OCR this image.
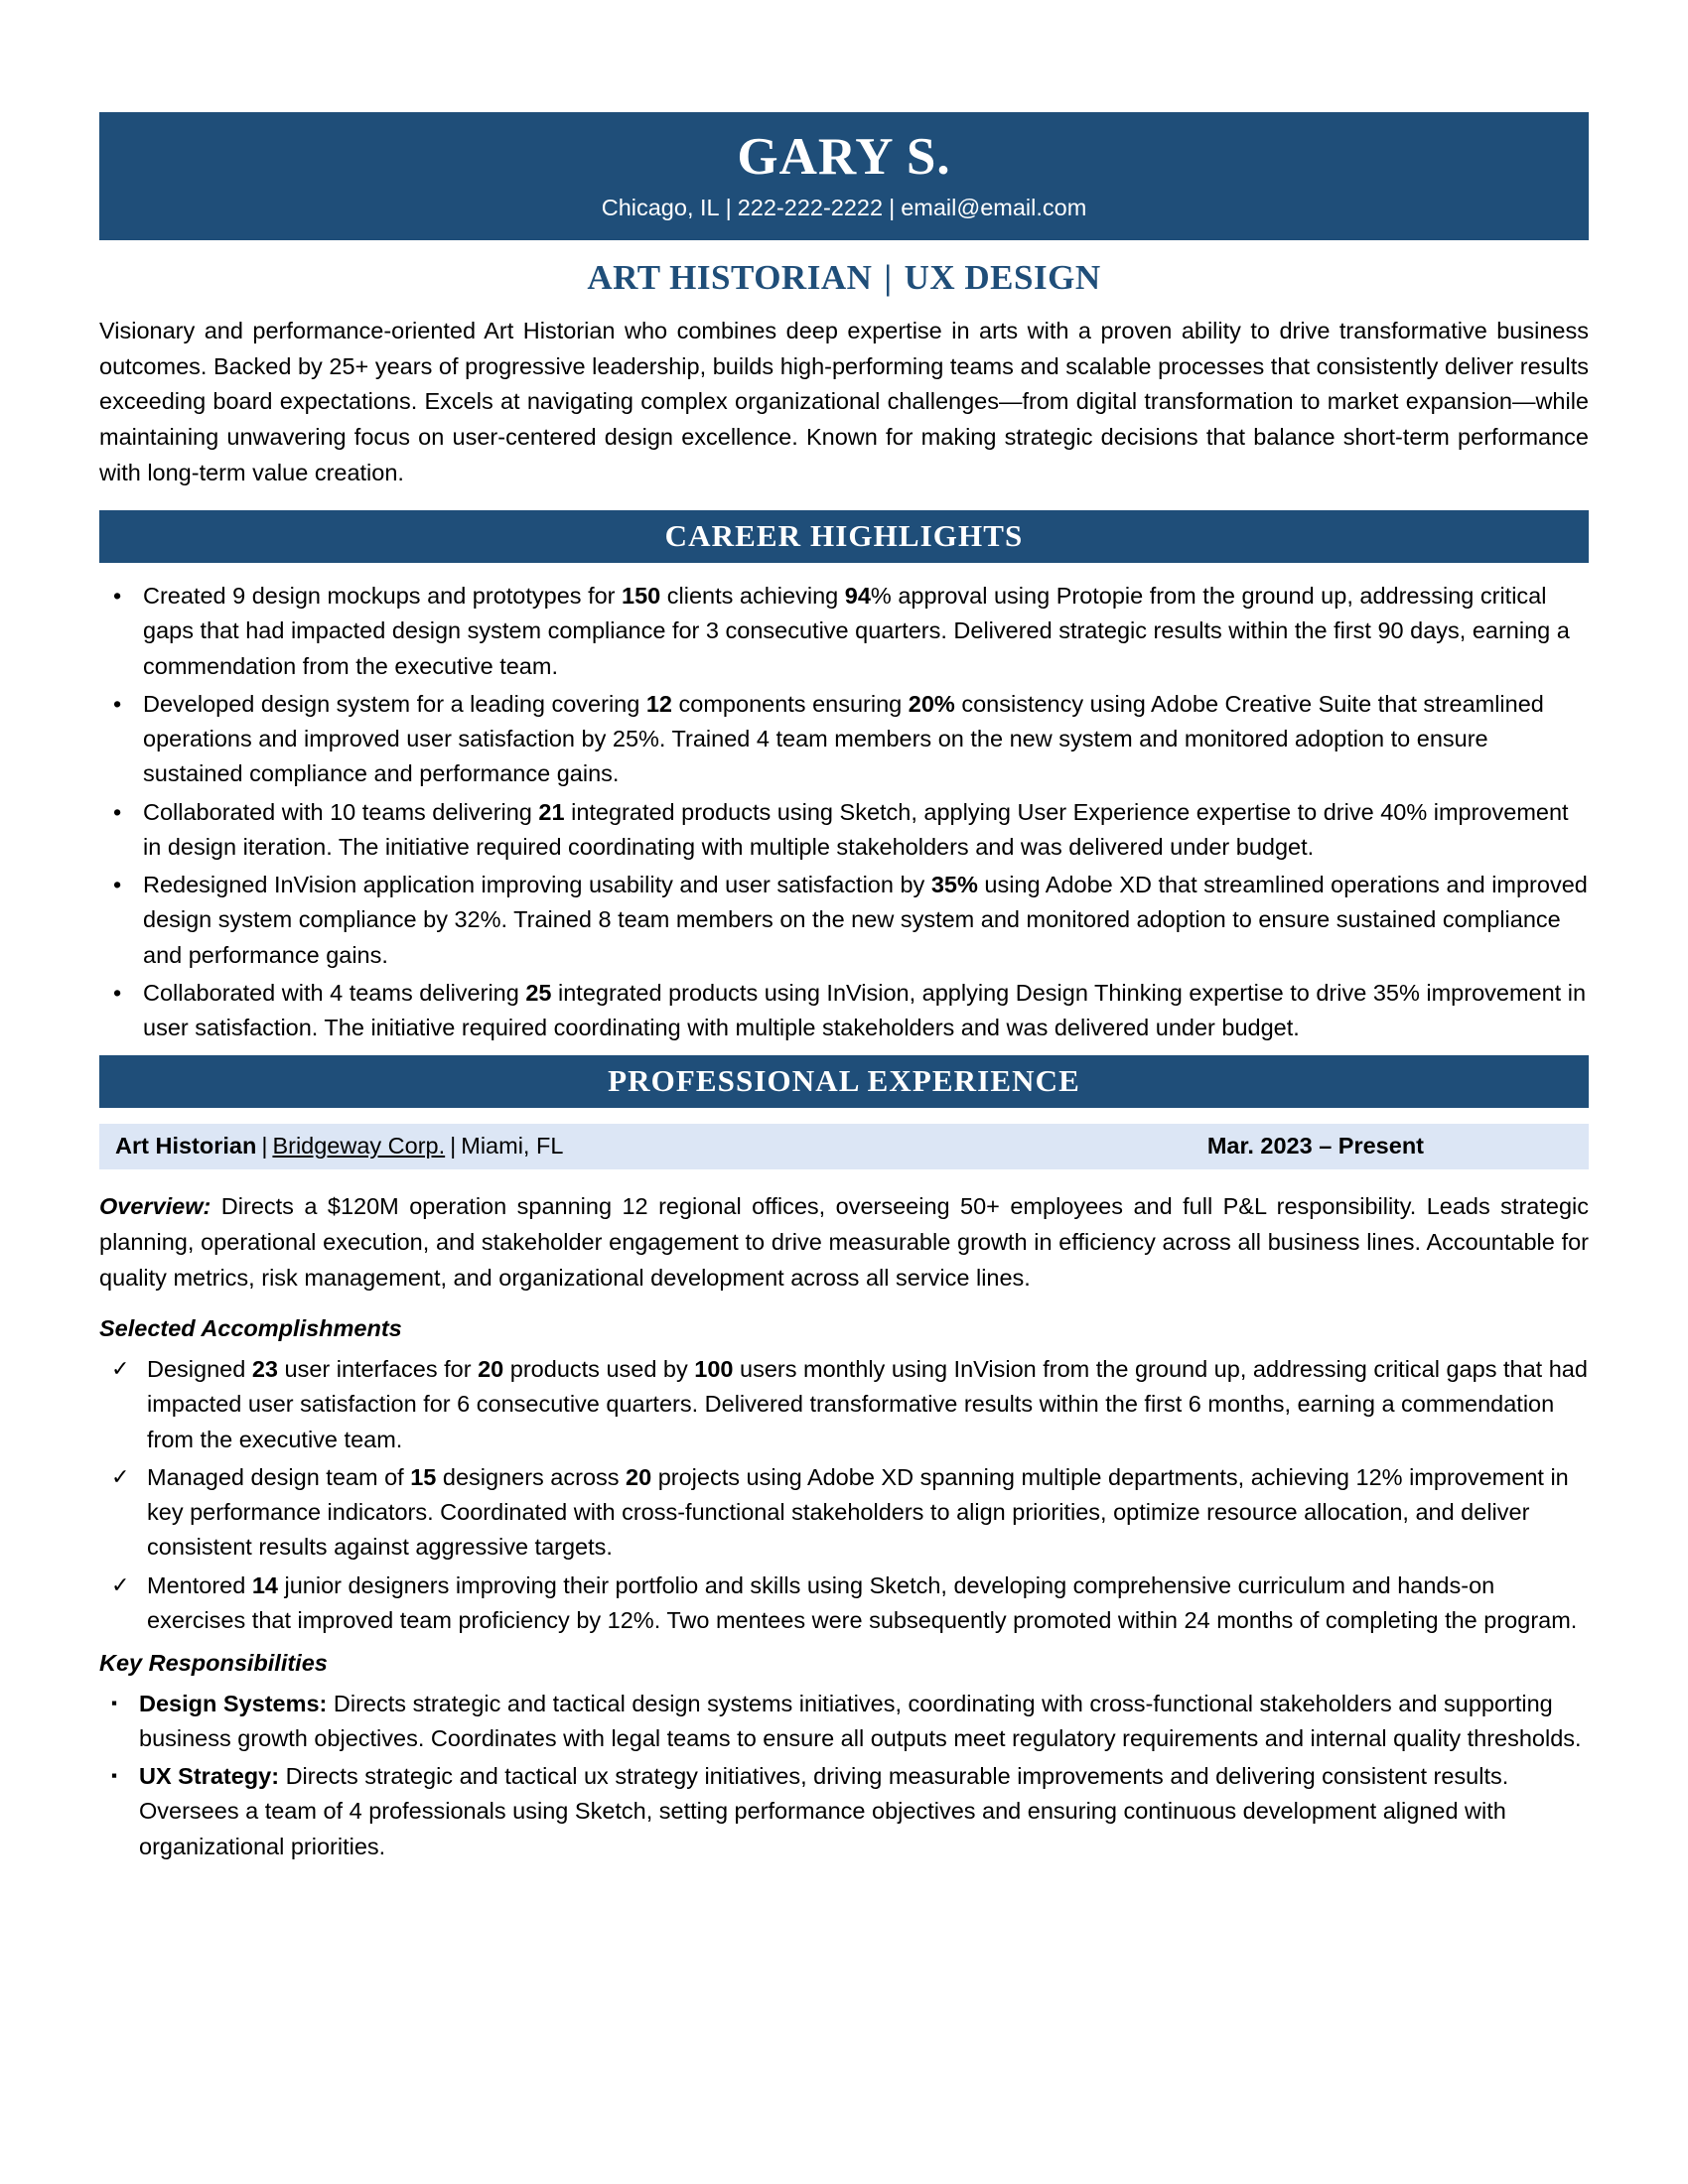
GARY S.
Chicago, IL | 222-222-2222 | email@email.com
ART HISTORIAN | UX DESIGN

Visionary and performance-oriented Art Historian who combines deep expertise in arts with a proven ability to drive transformative business outcomes. Backed by 25+ years of progressive leadership, builds high-performing teams and scalable processes that consistently deliver results exceeding board expectations. Excels at navigating complex organizational challenges—from digital transformation to market expansion—while maintaining unwavering focus on user-centered design excellence. Known for making strategic decisions that balance short-term performance with long-term value creation.

CAREER HIGHLIGHTS
• Created 9 design mockups and prototypes for 150 clients achieving 94% approval using Protopie from the ground up, addressing critical gaps that had impacted design system compliance for 3 consecutive quarters. Delivered strategic results within the first 90 days, earning a commendation from the executive team.
• Developed design system for a leading covering 12 components ensuring 20% consistency using Adobe Creative Suite that streamlined operations and improved user satisfaction by 25%. Trained 4 team members on the new system and monitored adoption to ensure sustained compliance and performance gains.
• Collaborated with 10 teams delivering 21 integrated products using Sketch, applying User Experience expertise to drive 40% improvement in design iteration. The initiative required coordinating with multiple stakeholders and was delivered under budget.
• Redesigned InVision application improving usability and user satisfaction by 35% using Adobe XD that streamlined operations and improved design system compliance by 32%. Trained 8 team members on the new system and monitored adoption to ensure sustained compliance and performance gains.
• Collaborated with 4 teams delivering 25 integrated products using InVision, applying Design Thinking expertise to drive 35% improvement in user satisfaction. The initiative required coordinating with multiple stakeholders and was delivered under budget.
PROFESSIONAL EXPERIENCE
Art Historian | Bridgeway Corp. | Miami, FL	Mar. 2023 – Present

Overview: Directs a $120M operation spanning 12 regional offices, overseeing 50+ employees and full P&L responsibility. Leads strategic planning, operational execution, and stakeholder engagement to drive measurable growth in efficiency across all business lines. Accountable for quality metrics, risk management, and organizational development across all service lines.

Selected Accomplishments
✓ Designed 23 user interfaces for 20 products used by 100 users monthly using InVision from the ground up, addressing critical gaps that had impacted user satisfaction for 6 consecutive quarters. Delivered transformative results within the first 6 months, earning a commendation from the executive team.
✓ Managed design team of 15 designers across 20 projects using Adobe XD spanning multiple departments, achieving 12% improvement in key performance indicators. Coordinated with cross-functional stakeholders to align priorities, optimize resource allocation, and deliver consistent results against aggressive targets.
✓ Mentored 14 junior designers improving their portfolio and skills using Sketch, developing comprehensive curriculum and hands-on exercises that improved team proficiency by 12%. Two mentees were subsequently promoted within 24 months of completing the program.
Key Responsibilities
▪ Design Systems: Directs strategic and tactical design systems initiatives, coordinating with cross-functional stakeholders and supporting business growth objectives. Coordinates with legal teams to ensure all outputs meet regulatory requirements and internal quality thresholds.
▪ UX Strategy: Directs strategic and tactical ux strategy initiatives, driving measurable improvements and delivering consistent results. Oversees a team of 4 professionals using Sketch, setting performance objectives and ensuring continuous development aligned with organizational priorities.
